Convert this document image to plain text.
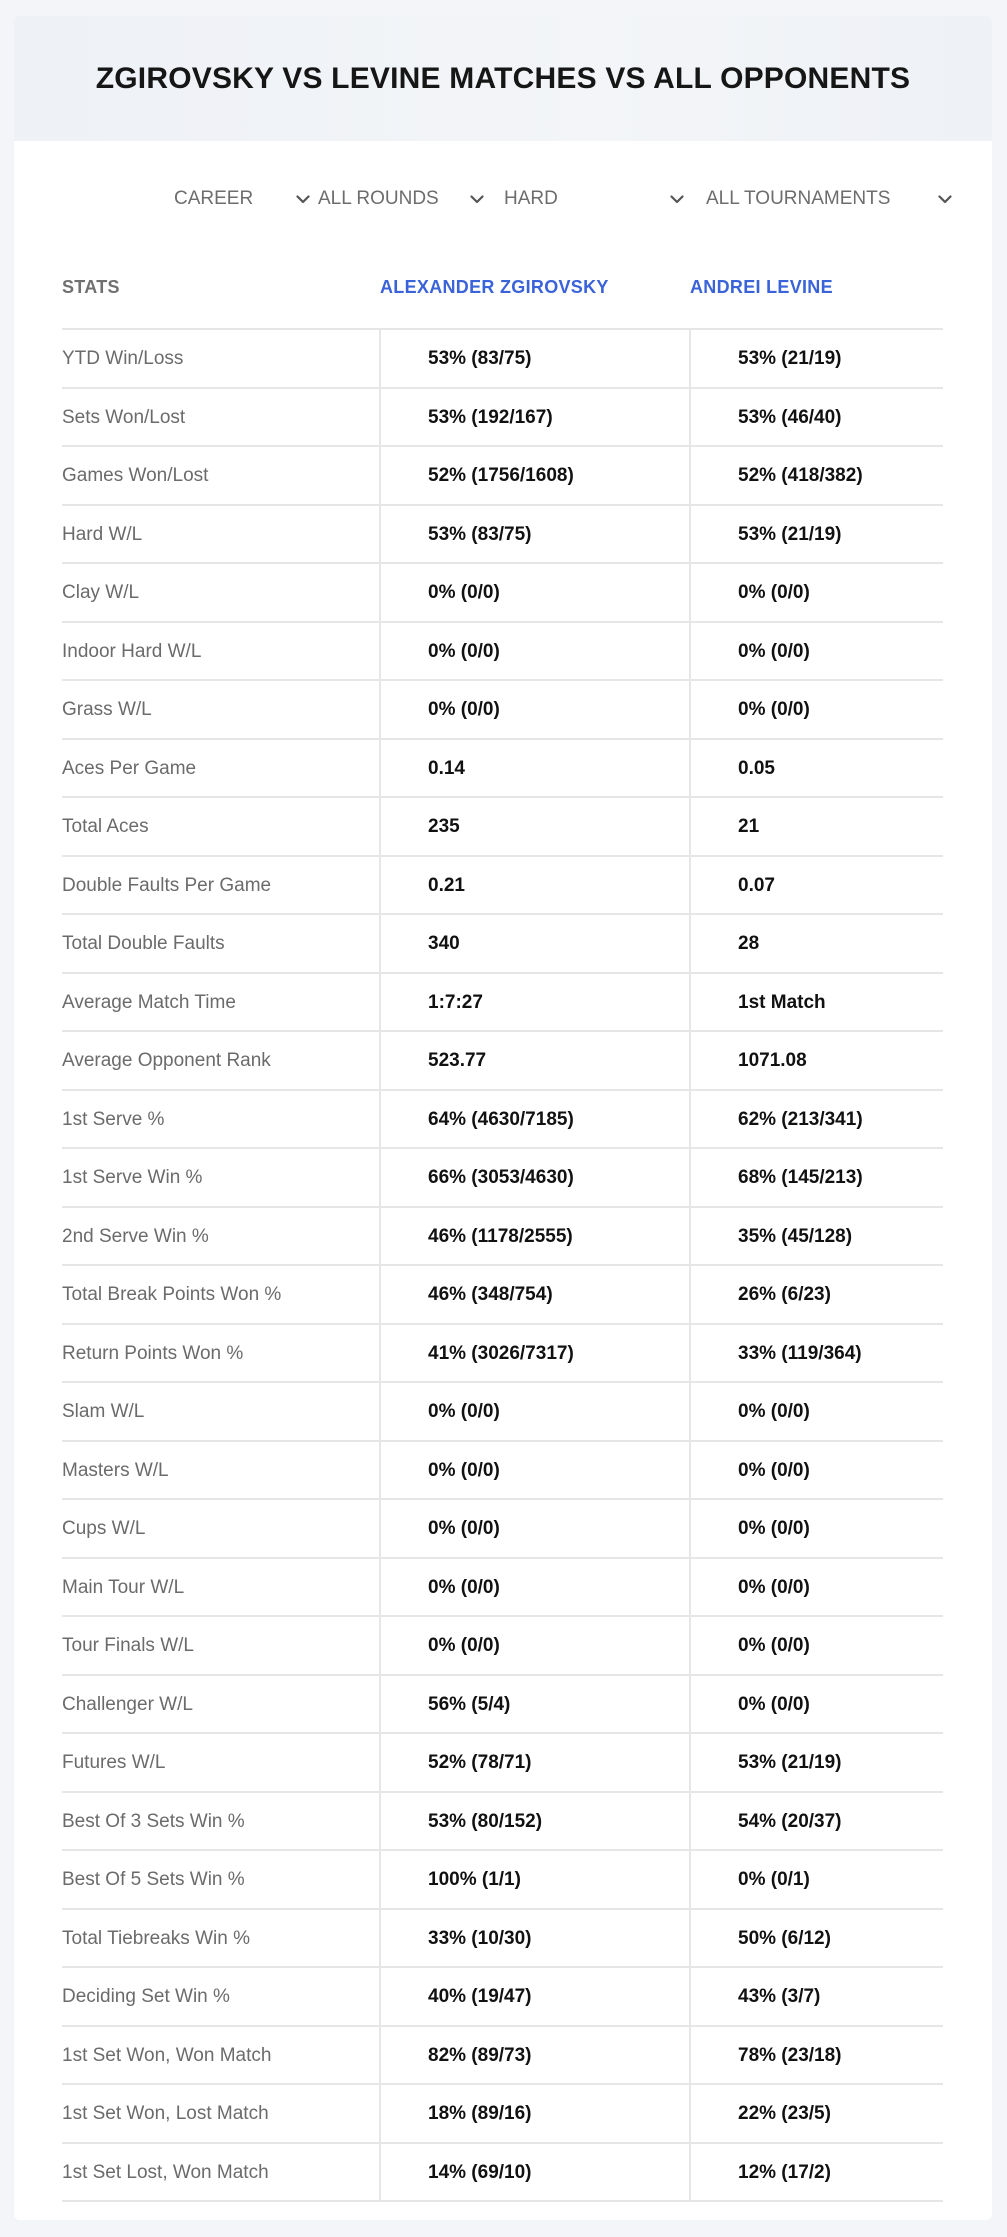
ZGIROVSKY VS LEVINE MATCHES VS ALL OPPONENTS
CAREER	ALL ROUNDS	HARD	ALL TOURNAMENTS
STATS	ALEXANDER ZGIROVSKY	ANDREI LEVINE
YTD Win/Loss	53% (83/75)	53% (21/19)
Sets Won/Lost	53% (192/167)	53% (46/40)
Games Won/Lost	52% (1756/1608)	52% (418/382)
Hard W/L	53% (83/75)	53% (21/19)
Clay W/L	0% (0/0)	0% (0/0)
Indoor Hard W/L	0% (0/0)	0% (0/0)
Grass W/L	0% (0/0)	0% (0/0)
Aces Per Game	0.14	0.05
Total Aces	235	21
Double Faults Per Game	0.21	0.07
Total Double Faults	340	28
Average Match Time	1:7:27	1st Match
Average Opponent Rank	523.77	1071.08
1st Serve %	64% (4630/7185)	62% (213/341)
1st Serve Win %	66% (3053/4630)	68% (145/213)
2nd Serve Win %	46% (1178/2555)	35% (45/128)
Total Break Points Won %	46% (348/754)	26% (6/23)
Return Points Won %	41% (3026/7317)	33% (119/364)
Slam W/L	0% (0/0)	0% (0/0)
Masters W/L	0% (0/0)	0% (0/0)
Cups W/L	0% (0/0)	0% (0/0)
Main Tour W/L	0% (0/0)	0% (0/0)
Tour Finals W/L	0% (0/0)	0% (0/0)
Challenger W/L	56% (5/4)	0% (0/0)
Futures W/L	52% (78/71)	53% (21/19)
Best Of 3 Sets Win %	53% (80/152)	54% (20/37)
Best Of 5 Sets Win %	100% (1/1)	0% (0/1)
Total Tiebreaks Win %	33% (10/30)	50% (6/12)
Deciding Set Win %	40% (19/47)	43% (3/7)
1st Set Won, Won Match	82% (89/73)	78% (23/18)
1st Set Won, Lost Match	18% (89/16)	22% (23/5)
1st Set Lost, Won Match	14% (69/10)	12% (17/2)
